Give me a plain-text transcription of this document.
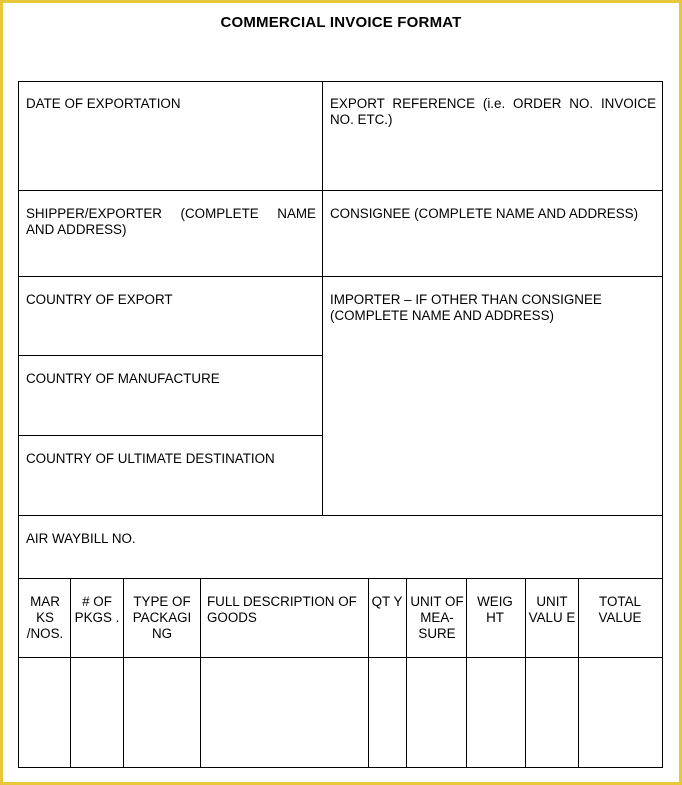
COMMERCIAL INVOICE FORMAT
DATE OF EXPORTATION	EXPORT REFERENCE (i.e. ORDER NO. INVOICE NO. ETC.)
SHIPPER/EXPORTER (COMPLETE NAME AND ADDRESS)
CONSIGNEE (COMPLETE NAME AND ADDRESS)
COUNTRY OF EXPORT	IMPORTER – IF OTHER THAN CONSIGNEE (COMPLETE NAME AND ADDRESS)
COUNTRY OF MANUFACTURE
COUNTRY OF ULTIMATE DESTINATION
AIR WAYBILL NO.
MAR KS /NOS.
# OF PKGS .
TYPE OF PACKAGI NG
FULL DESCRIPTION OF GOODS
QT Y UNIT OF MEA- SURE
WEIG HT
UNIT VALU E
TOTAL VALUE
